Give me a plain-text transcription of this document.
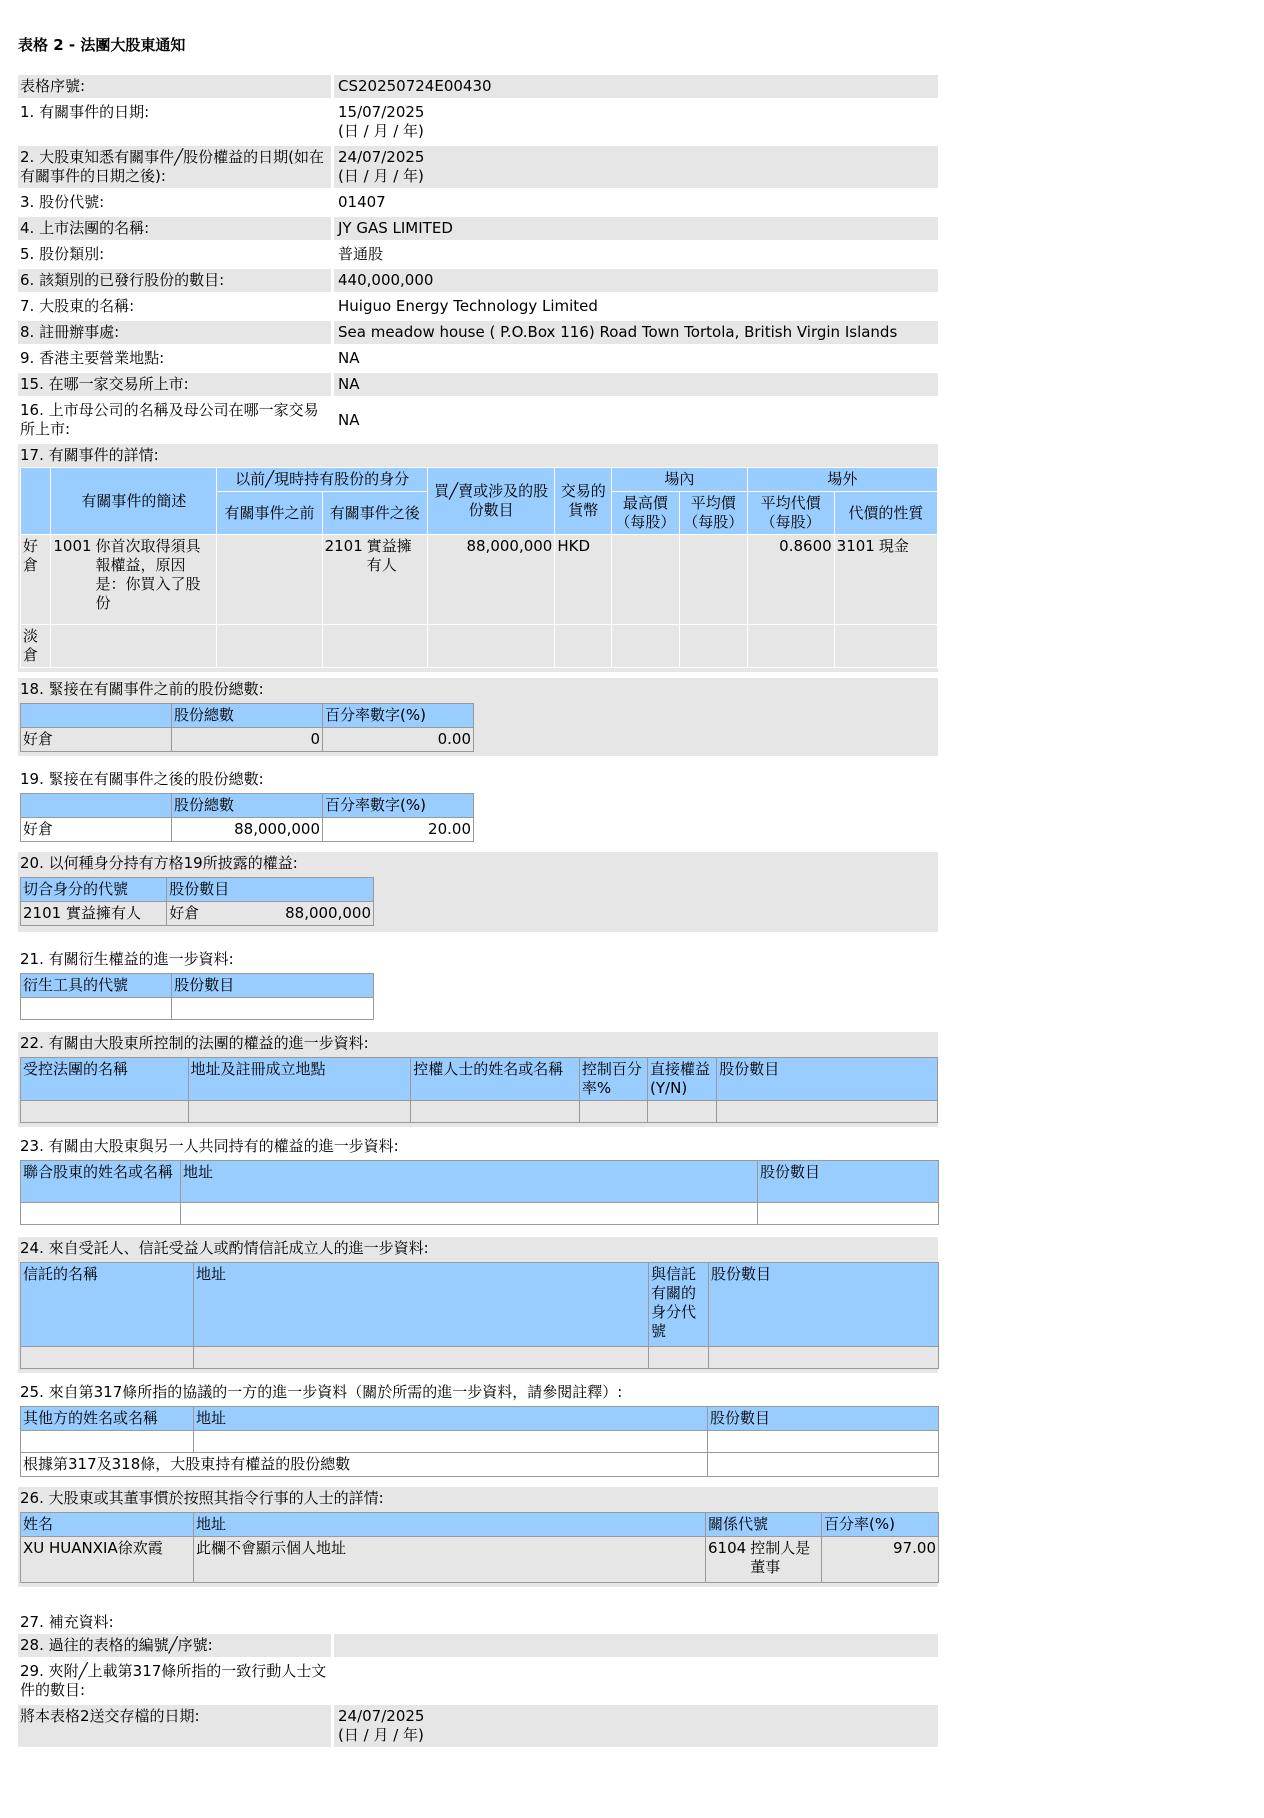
表格 2 - 法團大股東通知
表格序號:	CS20250724E00430
1. 有關事件的日期:	15/07/2025
(日 / 月 / 年)
2. 大股東知悉有關事件╱股份權益的日期(如在有關事件的日期之後):
24/07/2025
(日 / 月 / 年)
3. 股份代號:	01407
4. 上市法團的名稱:	JY GAS LIMITED
5. 股份類別:	普通股
6. 該類別的已發行股份的數目:	440,000,000
7. 大股東的名稱:	Huiguo Energy Technology Limited
8. 註冊辦事處:	Sea meadow house ( P.O.Box 116) Road Town Tortola, British Virgin Islands
9. 香港主要營業地點:	NA
15. 在哪一家交易所上市:	NA
16. 上市母公司的名稱及母公司在哪一家交易所上市:
NA
17. 有關事件的詳情:
	有關事件的簡述	以前╱現時持有股份的身分		買╱賣或涉及的股份數目	交易的貨幣	場內		場外	
		有關事件之前	有關事件之後			最高價（每股）	平均價（每股）	平均代價（每股）	代價的性質
好倉	1001 你首次取得須具報權益，原因是：你買入了股份		2101 實益擁有人	88,000,000	HKD			0.8600	3101 現金
淡倉									
18. 緊接在有關事件之前的股份總數:
	股份總數	百分率數字(%)
好倉	0	0.00
19. 緊接在有關事件之後的股份總數:
	股份總數	百分率數字(%)
好倉	88,000,000	20.00
20. 以何種身分持有方格19所披露的權益:
切合身分的代號	股份數目
2101 實益擁有人	好倉 88,000,000
21. 有關衍生權益的進一步資料:
衍生工具的代號	股份數目

22. 有關由大股東所控制的法團的權益的進一步資料:
受控法團的名稱	地址及註冊成立地點	控權人士的姓名或名稱	控制百分率%	直接權益(Y/N)	股份數目

23. 有關由大股東與另一人共同持有的權益的進一步資料:
聯合股東的姓名或名稱	地址	股份數目

24. 來自受託人、信託受益人或酌情信託成立人的進一步資料:
信託的名稱	地址	與信託有關的身分代號	股份數目

25. 來自第317條所指的協議的一方的進一步資料（關於所需的進一步資料，請參閱註釋）:
其他方的姓名或名稱	地址	股份數目

根據第317及318條，大股東持有權益的股份總數		
26. 大股東或其董事慣於按照其指令行事的人士的詳情:
姓名	地址	關係代號	百分率(%)
XU HUANXIA徐欢霞	此欄不會顯示個人地址	6104 控制人是董事	97.00
27. 補充資料:
28. 過往的表格的編號╱序號:
29. 夾附╱上載第317條所指的一致行動人士文件的數目:
將本表格2送交存檔的日期:	24/07/2025
(日 / 月 / 年)
